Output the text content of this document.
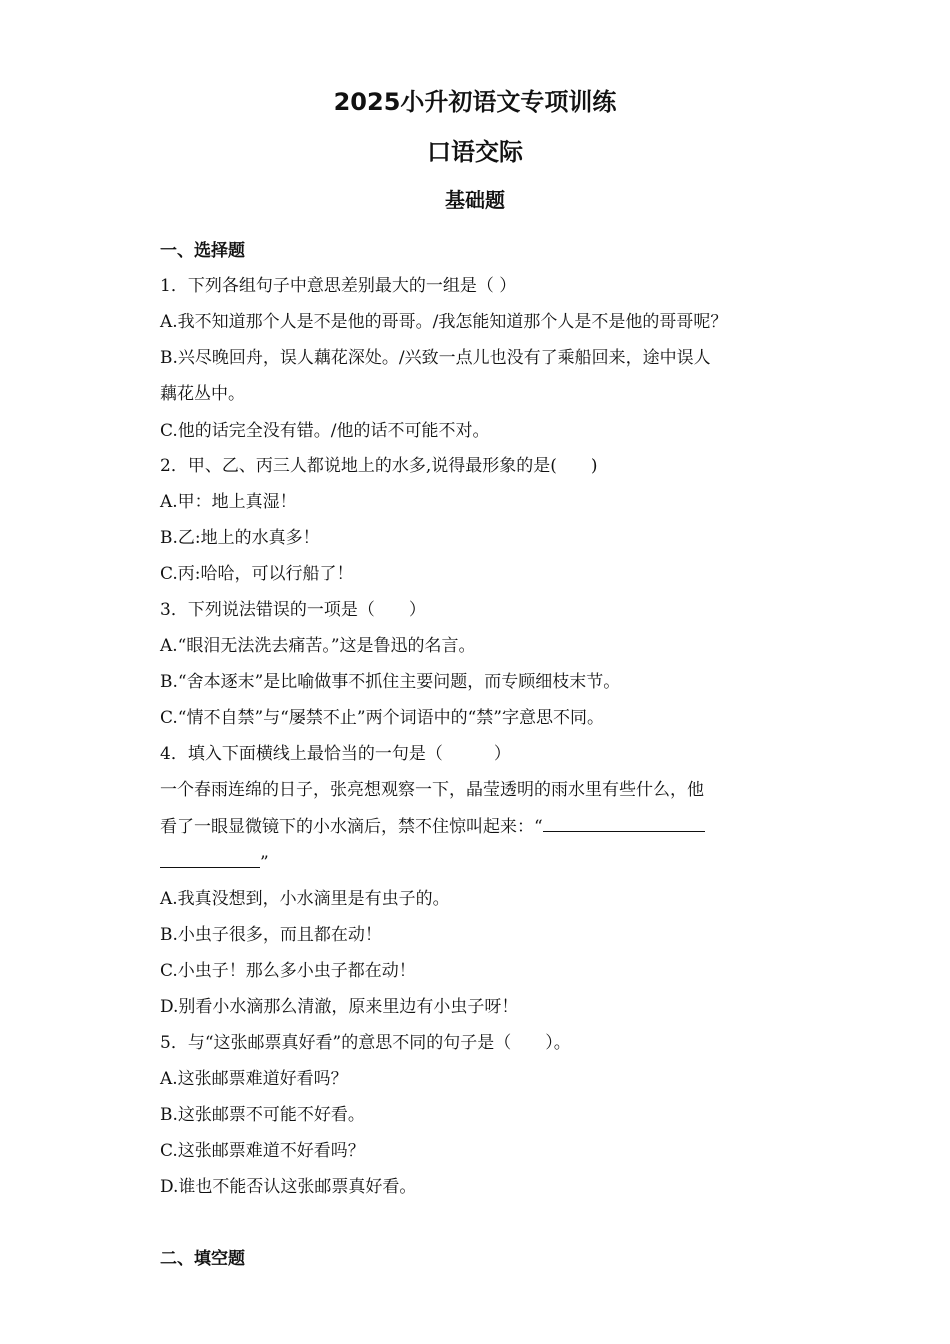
2025小升初语文专项训练
口语交际
基础题
一、选择题
1．下列各组句子中意思差别最大的一组是（ ）
A.我不知道那个人是不是他的哥哥。/我怎能知道那个人是不是他的哥哥呢？
B.兴尽晚回舟，误人藕花深处。/兴致一点儿也没有了乘船回来，途中误人
藕花丛中。
C.他的话完全没有错。/他的话不可能不对。
2．甲、乙、丙三人都说地上的水多,说得最形象的是(　　)
A.甲：地上真湿！
B.乙:地上的水真多！
C.丙:哈哈，可以行船了！
3．下列说法错误的一项是（　　）
A.“眼泪无法洗去痛苦。”这是鲁迅的名言。
B.“舍本逐末”是比喻做事不抓住主要问题，而专顾细枝末节。
C.“情不自禁”与“屡禁不止”两个词语中的“禁”字意思不同。
4．填入下面横线上最恰当的一句是（　　　）
一个春雨连绵的日子，张亮想观察一下，晶莹透明的雨水里有些什么，他
看了一眼显微镜下的小水滴后，禁不住惊叫起来：“
”
A.我真没想到，小水滴里是有虫子的。
B.小虫子很多，而且都在动！
C.小虫子！那么多小虫子都在动！
D.别看小水滴那么清澈，原来里边有小虫子呀！
5．与“这张邮票真好看”的意思不同的句子是（　　）。
A.这张邮票难道好看吗？
B.这张邮票不可能不好看。
C.这张邮票难道不好看吗？
D.谁也不能否认这张邮票真好看。
二、填空题
